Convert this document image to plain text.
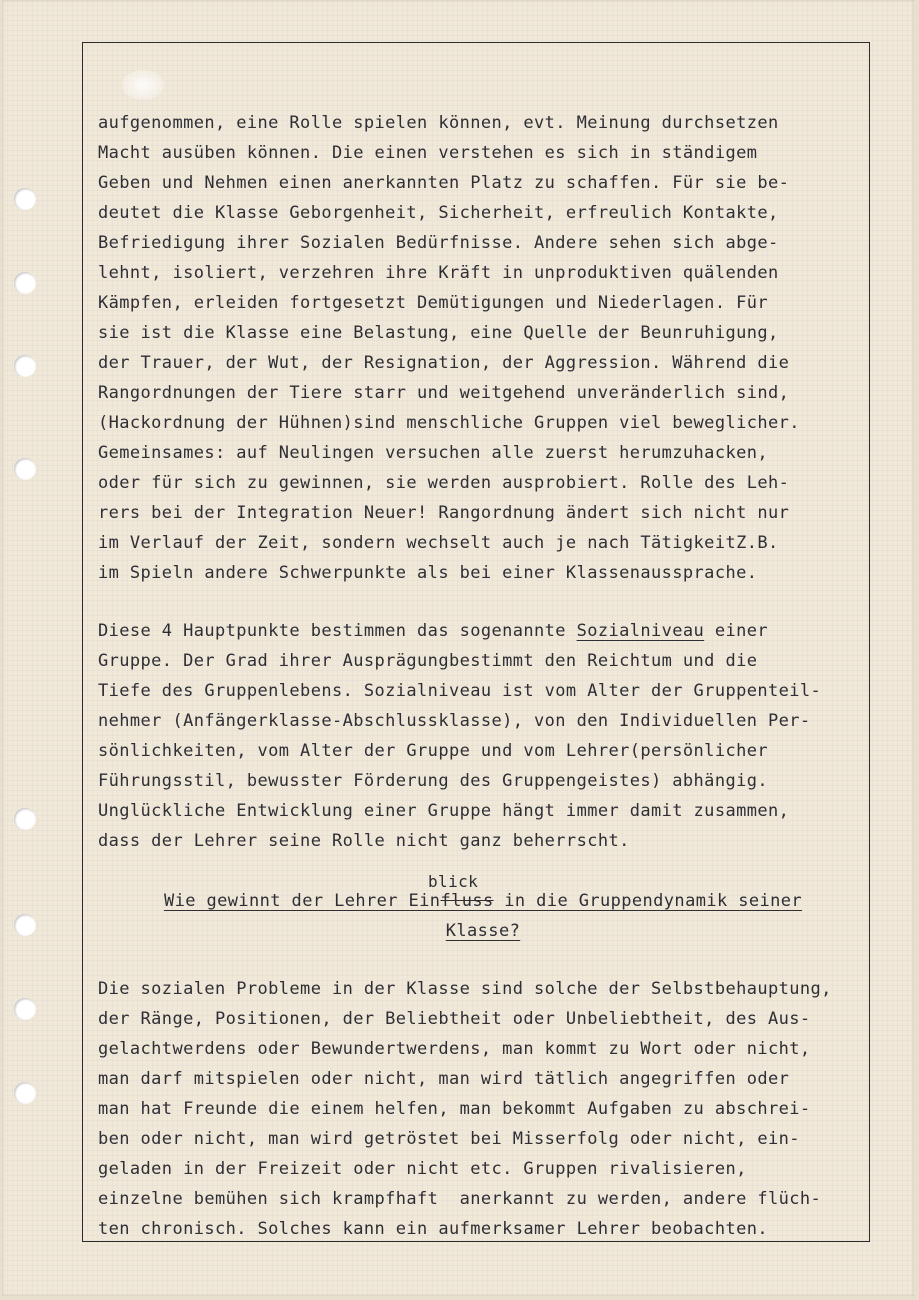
aufgenommen, eine Rolle spielen können, evt. Meinung durchsetzen
Macht ausüben können. Die einen verstehen es sich in ständigem
Geben und Nehmen einen anerkannten Platz zu schaffen. Für sie be-
deutet die Klasse Geborgenheit, Sicherheit, erfreulich Kontakte,
Befriedigung ihrer Sozialen Bedürfnisse. Andere sehen sich abge-
lehnt, isoliert, verzehren ihre Kräft in unproduktiven quälenden
Kämpfen, erleiden fortgesetzt Demütigungen und Niederlagen. Für
sie ist die Klasse eine Belastung, eine Quelle der Beunruhigung,
der Trauer, der Wut, der Resignation, der Aggression. Während die
Rangordnungen der Tiere starr und weitgehend unveränderlich sind,
(Hackordnung der Hühnen)sind menschliche Gruppen viel beweglicher.
Gemeinsames: auf Neulingen versuchen alle zuerst herumzuhacken,
oder für sich zu gewinnen, sie werden ausprobiert. Rolle des Leh-
rers bei der Integration Neuer! Rangordnung ändert sich nicht nur
im Verlauf der Zeit, sondern wechselt auch je nach TätigkeitZ.B.
im Spieln andere Schwerpunkte als bei einer Klassenaussprache.
Diese 4 Hauptpunkte bestimmen das sogenannte Sozialniveau einer
Gruppe. Der Grad ihrer Ausprägungbestimmt den Reichtum und die
Tiefe des Gruppenlebens. Sozialniveau ist vom Alter der Gruppenteil-
nehmer (Anfängerklasse-Abschlussklasse), von den Individuellen Per-
sönlichkeiten, vom Alter der Gruppe und vom Lehrer(persönlicher
Führungsstil, bewusster Förderung des Gruppengeistes) abhängig.
Unglückliche Entwicklung einer Gruppe hängt immer damit zusammen,
dass der Lehrer seine Rolle nicht ganz beherrscht.
Wie gewinnt der Lehrer Einfluss in die Gruppendynamik seiner
blick
Klasse?
Die sozialen Probleme in der Klasse sind solche der Selbstbehauptung,
der Ränge, Positionen, der Beliebtheit oder Unbeliebtheit, des Aus-
gelachtwerdens oder Bewundertwerdens, man kommt zu Wort oder nicht,
man darf mitspielen oder nicht, man wird tätlich angegriffen oder
man hat Freunde die einem helfen, man bekommt Aufgaben zu abschrei-
ben oder nicht, man wird getröstet bei Misserfolg oder nicht, ein-
geladen in der Freizeit oder nicht etc. Gruppen rivalisieren,
einzelne bemühen sich krampfhaft  anerkannt zu werden, andere flüch-
ten chronisch. Solches kann ein aufmerksamer Lehrer beobachten.
